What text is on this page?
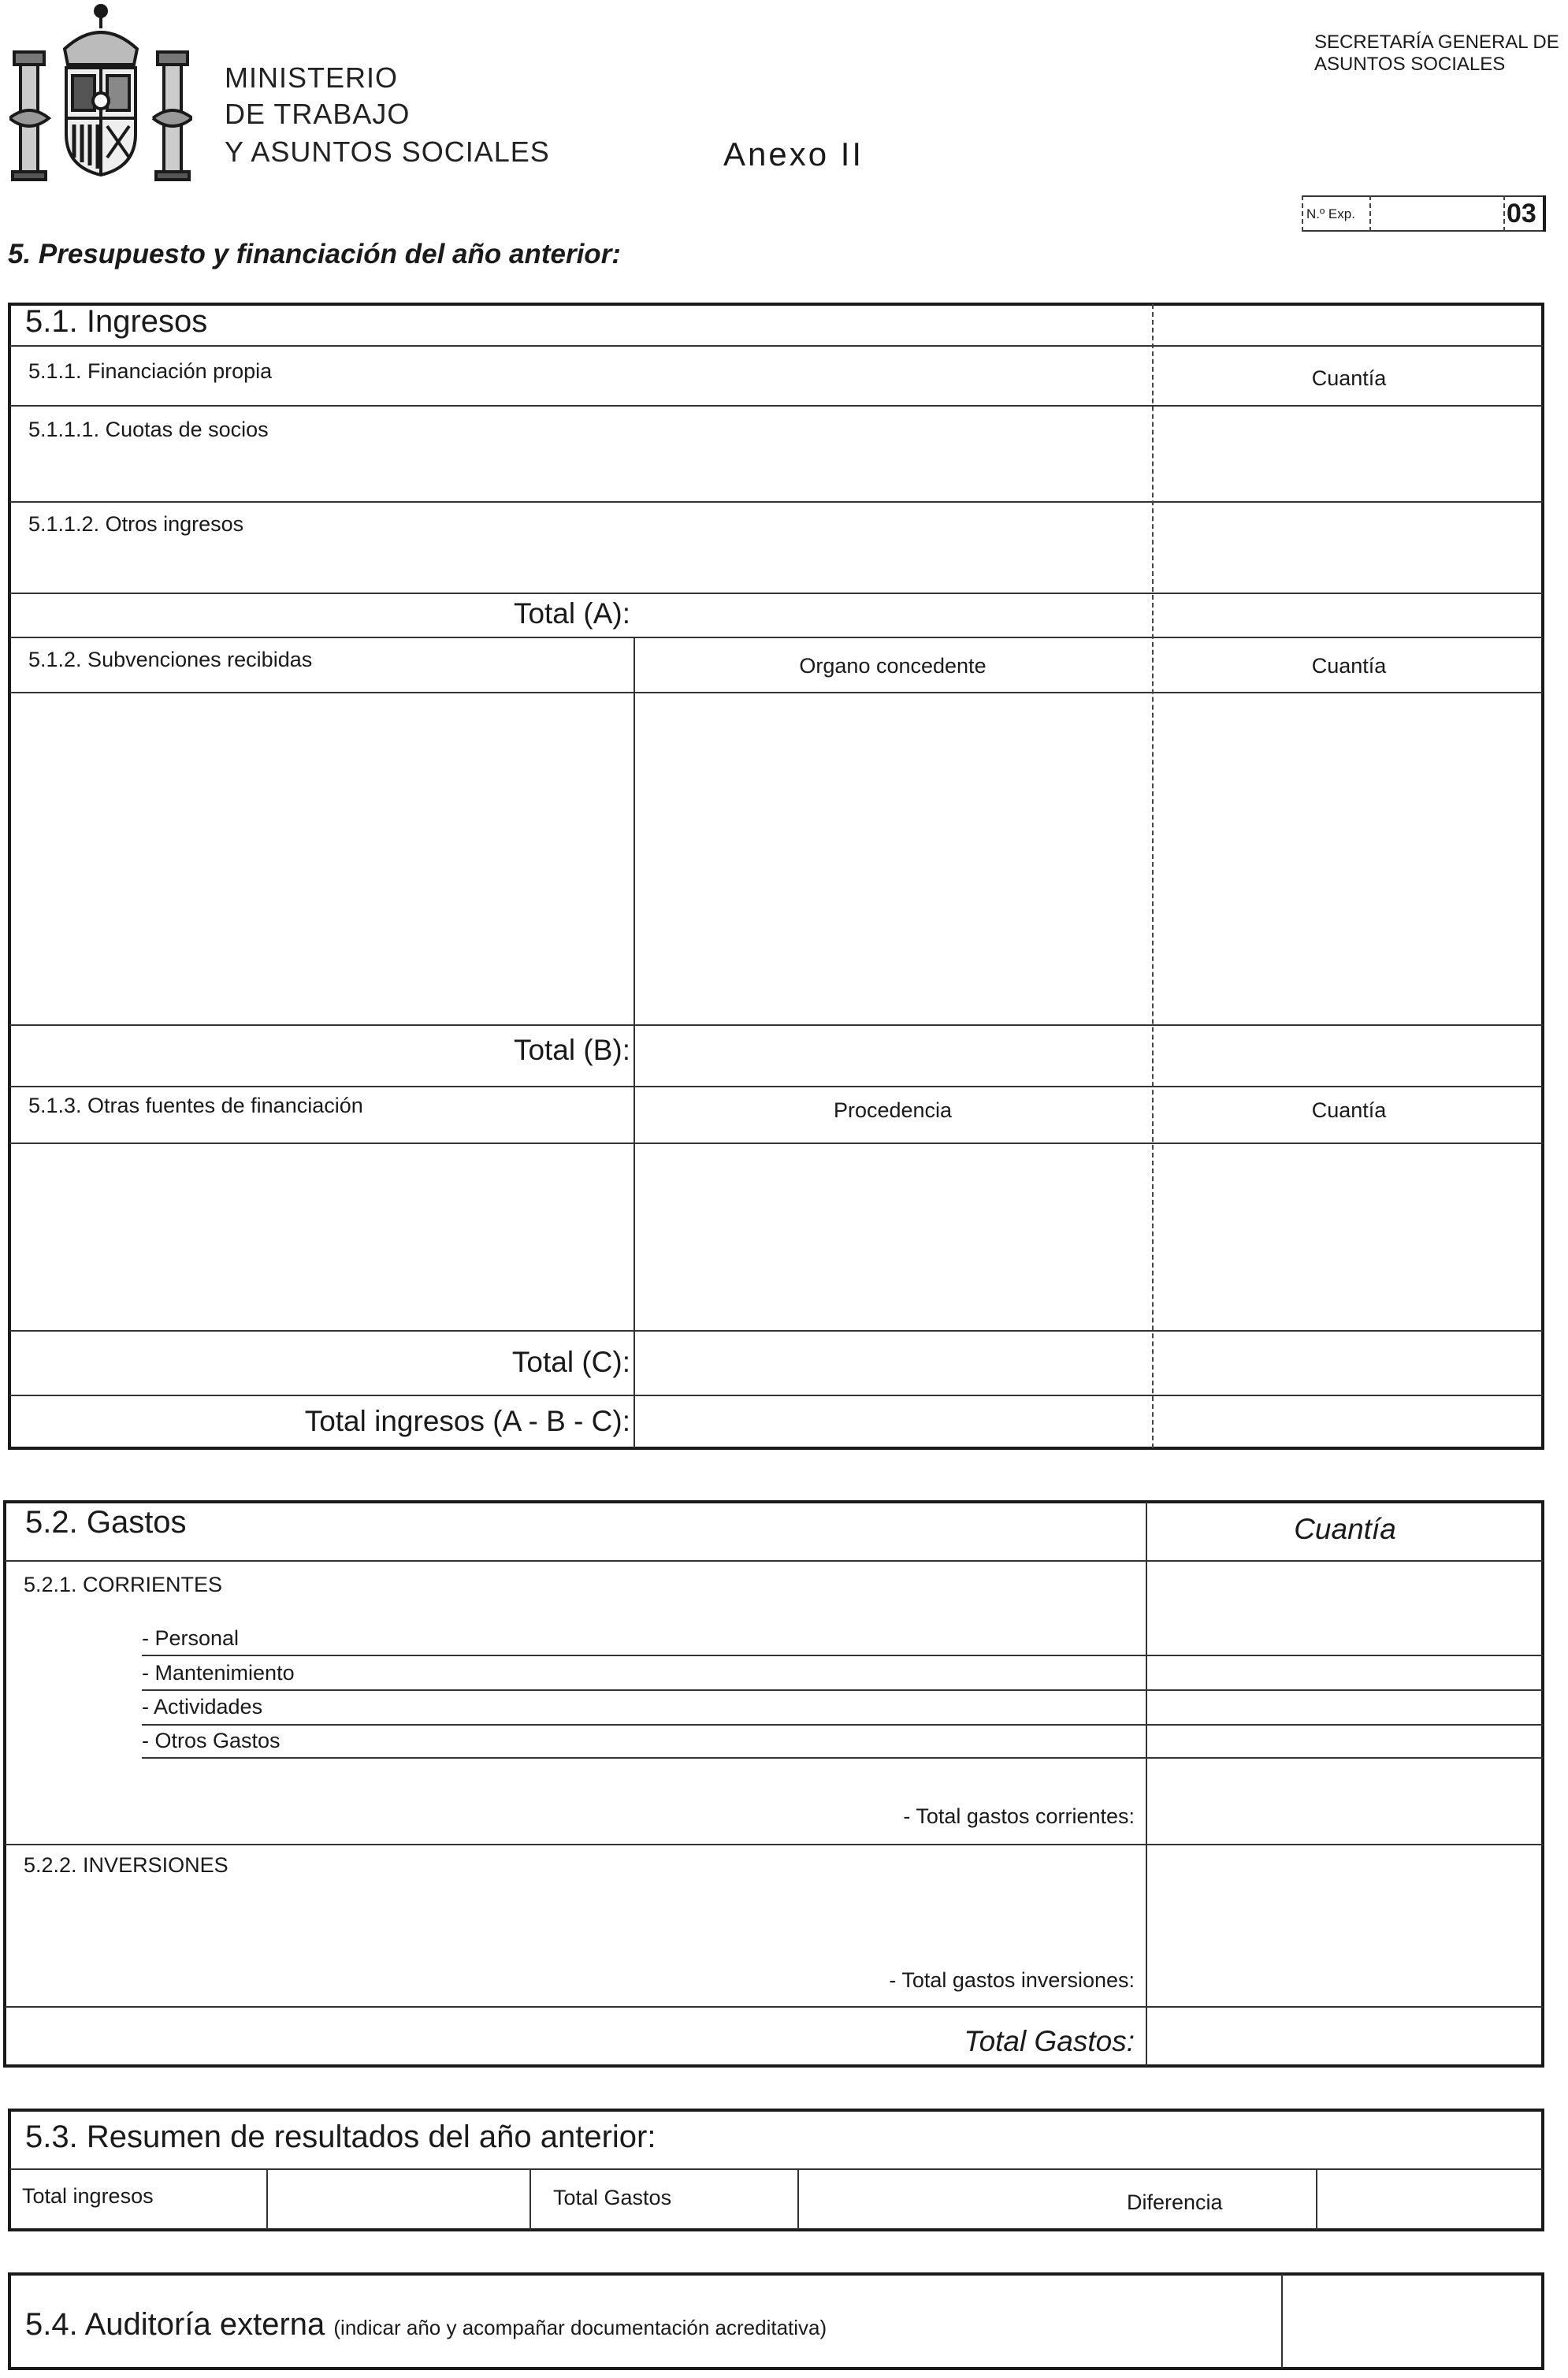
MINISTERIO
DE TRABAJO
Y ASUNTOS SOCIALES	Anexo II
SECRETARÍA GENERAL DE
ASUNTOS SOCIALES
N.º Exp.	03
5. Presupuesto y financiación del año anterior:
5.1. Ingresos
5.1.1. Financiación propia	Cuantía
5.1.1.1. Cuotas de socios
5.1.1.2. Otros ingresos
Total (A):
5.1.2. Subvenciones recibidas	Organo concedente	Cuantía
Total (B):
5.1.3. Otras fuentes de financiación	Procedencia	Cuantía
Total (C):
Total ingresos (A - B - C):
5.2. Gastos	Cuantía
5.2.1. CORRIENTES
- Personal
- Mantenimiento
- Actividades
- Otros Gastos
- Total gastos corrientes:
5.2.2. INVERSIONES
- Total gastos inversiones:
Total Gastos:
5.3. Resumen de resultados del año anterior:
Total ingresos	Total Gastos	Diferencia
5.4. Auditoría externa (indicar año y acompañar documentación acreditativa)
